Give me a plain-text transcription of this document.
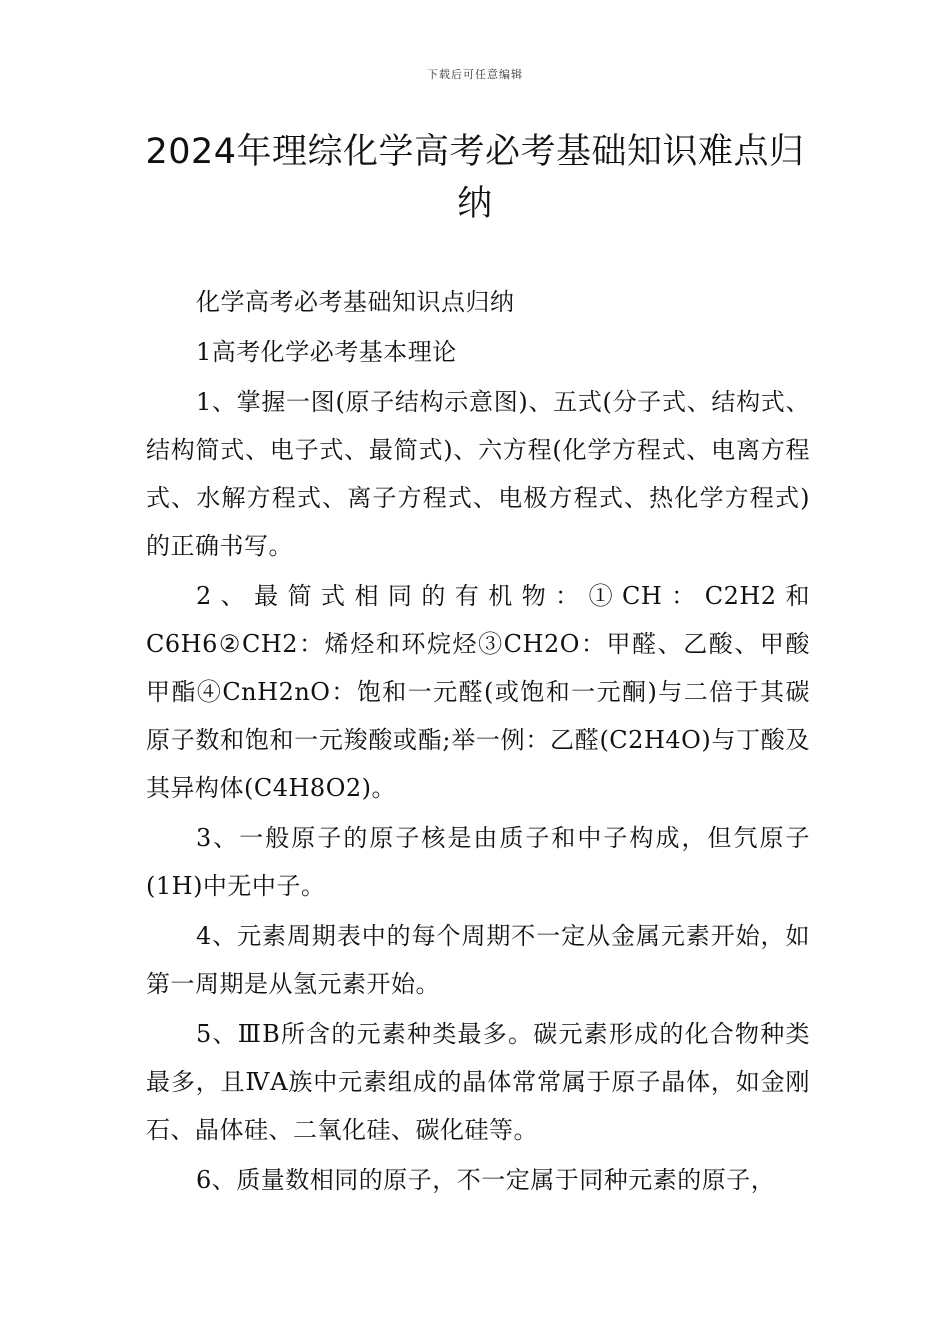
下载后可任意编辑
2024年理综化学高考必考基础知识难点归纳

化学高考必考基础知识点归纳

1高考化学必考基本理论

1、掌握一图(原子结构示意图)、五式(分子式、结构式、结构简式、电子式、最简式)、六方程(化学方程式、电离方程式、水解方程式、离子方程式、电极方程式、热化学方程式)的正确书写。

2、最简式相同的有机物：①CH：C2H2和C6H6②CH2：烯烃和环烷烃③CH2O：甲醛、乙酸、甲酸甲酯④CnH2nO：饱和一元醛(或饱和一元酮)与二倍于其碳原子数和饱和一元羧酸或酯;举一例：乙醛(C2H4O)与丁酸及其异构体(C4H8O2)。

3、一般原子的原子核是由质子和中子构成，但氕原子(1H)中无中子。

4、元素周期表中的每个周期不一定从金属元素开始，如第一周期是从氢元素开始。

5、ⅢB所含的元素种类最多。碳元素形成的化合物种类最多，且ⅣA族中元素组成的晶体常常属于原子晶体，如金刚石、晶体硅、二氧化硅、碳化硅等。

6、质量数相同的原子，不一定属于同种元素的原子，
